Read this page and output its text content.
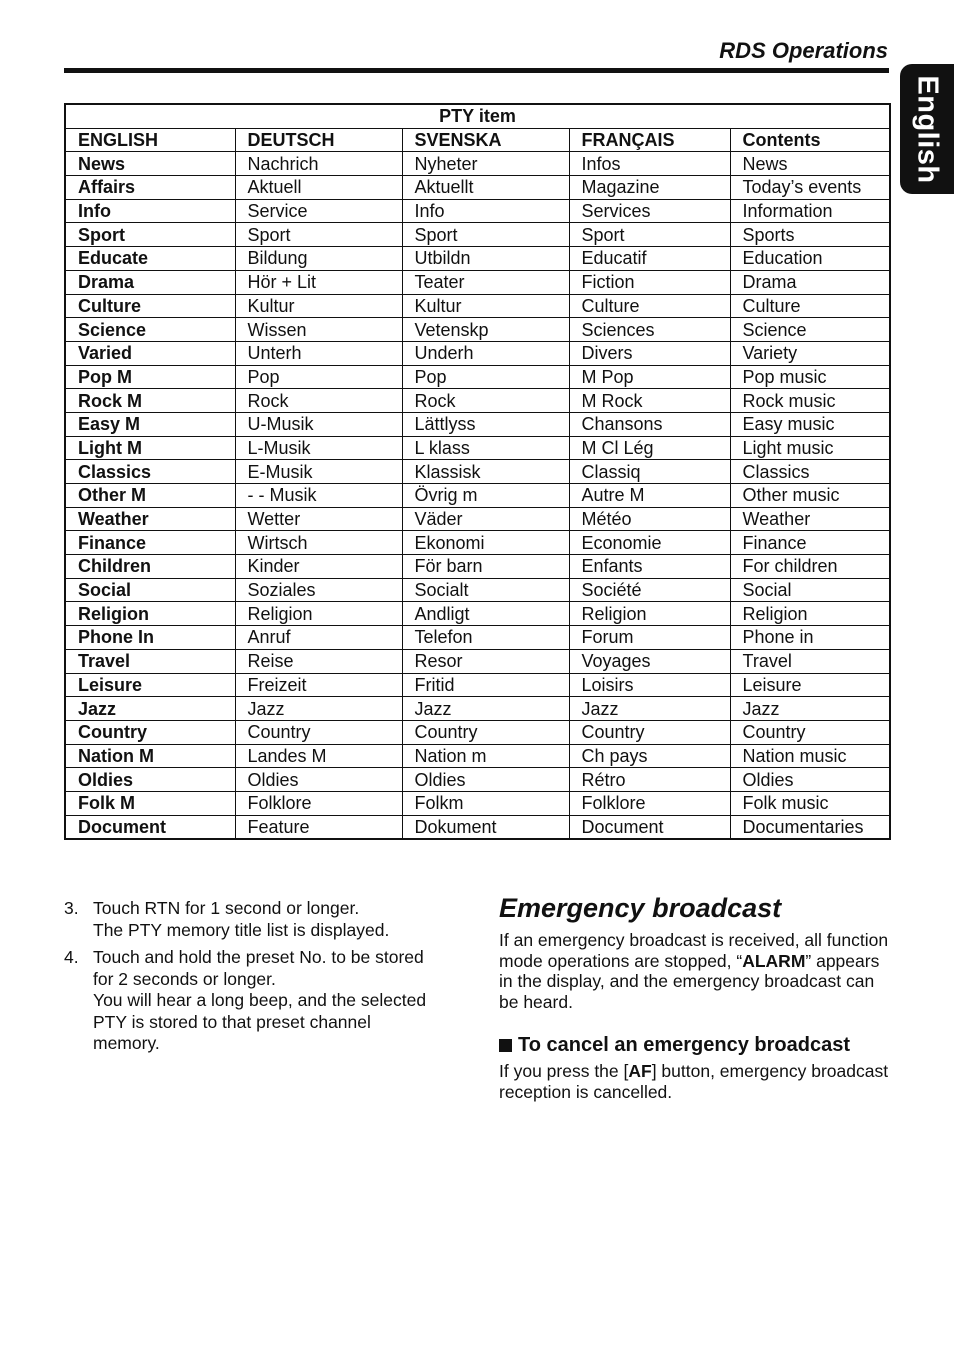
RDS Operations
English
PTY item				
ENGLISH	DEUTSCH	SVENSKA	FRANÇAIS	Contents
News	Nachrich	Nyheter	Infos	News
Affairs	Aktuell	Aktuellt	Magazine	Today’s events
Info	Service	Info	Services	Information
Sport	Sport	Sport	Sport	Sports
Educate	Bildung	Utbildn	Educatif	Education
Drama	Hör + Lit	Teater	Fiction	Drama
Culture	Kultur	Kultur	Culture	Culture
Science	Wissen	Vetenskp	Sciences	Science
Varied	Unterh	Underh	Divers	Variety
Pop M	Pop	Pop	M Pop	Pop music
Rock M	Rock	Rock	M Rock	Rock music
Easy M	U-Musik	Lättlyss	Chansons	Easy music
Light M	L-Musik	L klass	M Cl Lég	Light music
Classics	E-Musik	Klassisk	Classiq	Classics
Other M	- - Musik	Övrig m	Autre M	Other music
Weather	Wetter	Väder	Météo	Weather
Finance	Wirtsch	Ekonomi	Economie	Finance
Children	Kinder	För barn	Enfants	For children
Social	Soziales	Socialt	Société	Social
Religion	Religion	Andligt	Religion	Religion
Phone In	Anruf	Telefon	Forum	Phone in
Travel	Reise	Resor	Voyages	Travel
Leisure	Freizeit	Fritid	Loisirs	Leisure
Jazz	Jazz	Jazz	Jazz	Jazz
Country	Country	Country	Country	Country
Nation M	Landes M	Nation m	Ch pays	Nation music
Oldies	Oldies	Oldies	Rétro	Oldies
Folk M	Folklore	Folkm	Folklore	Folk music
Document	Feature	Dokument	Document	Documentaries
3. Touch RTN for 1 second or longer.
The PTY memory title list is displayed.
4. Touch and hold the preset No. to be stored
for 2 seconds or longer.
You will hear a long beep, and the selected
PTY is stored to that preset channel
memory.
Emergency broadcast

If an emergency broadcast is received, all function mode operations are stopped, “ALARM” appears in the display, and the emergency broadcast can be heard.

To cancel an emergency broadcast

If you press the [AF] button, emergency broadcast reception is cancelled.
